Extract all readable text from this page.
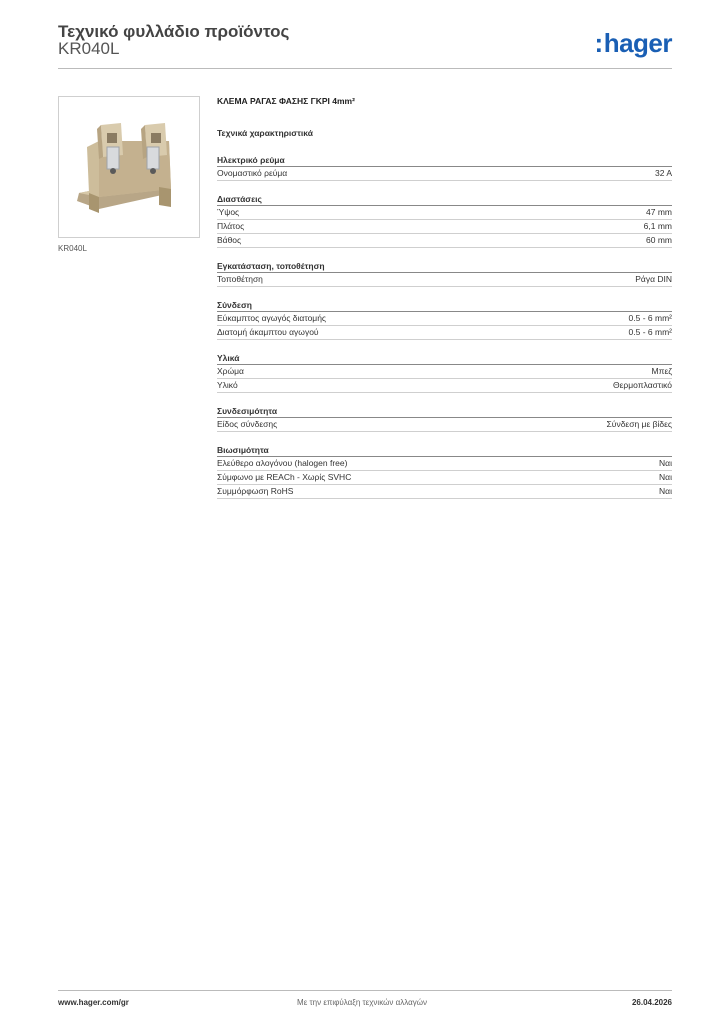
Τεχνικό φυλλάδιο προϊόντος
KR040L	:hager
KR040L
ΚΛΕΜΑ ΡΑΓΑΣ ΦΑΣΗΣ ΓΚΡΙ 4mm²
Τεχνικά χαρακτηριστικά
Ηλεκτρικό ρεύμα
Ονομαστικό ρεύμα	32 A
Διαστάσεις
Ύψος	47 mm
Πλάτος	6,1 mm
Βάθος	60 mm
Εγκατάσταση, τοποθέτηση
Τοποθέτηση	Ράγα DIN
Σύνδεση
Εύκαμπτος αγωγός διατομής	0.5 - 6 mm²
Διατομή άκαμπτου αγωγού	0.5 - 6 mm²
Υλικά
Χρώμα	Μπεζ
Υλικό	Θερμοπλαστικό
Συνδεσιμότητα
Είδος σύνδεσης	Σύνδεση με βίδες
Βιωσιμότητα
Ελεύθερο αλογόνου (halogen free)	Ναι
Σύμφωνο με REACh - Χωρίς SVHC	Ναι
Συμμόρφωση RoHS	Ναι
www.hager.com/gr	Με την επιφύλαξη τεχνικών αλλαγών	26.04.2026
